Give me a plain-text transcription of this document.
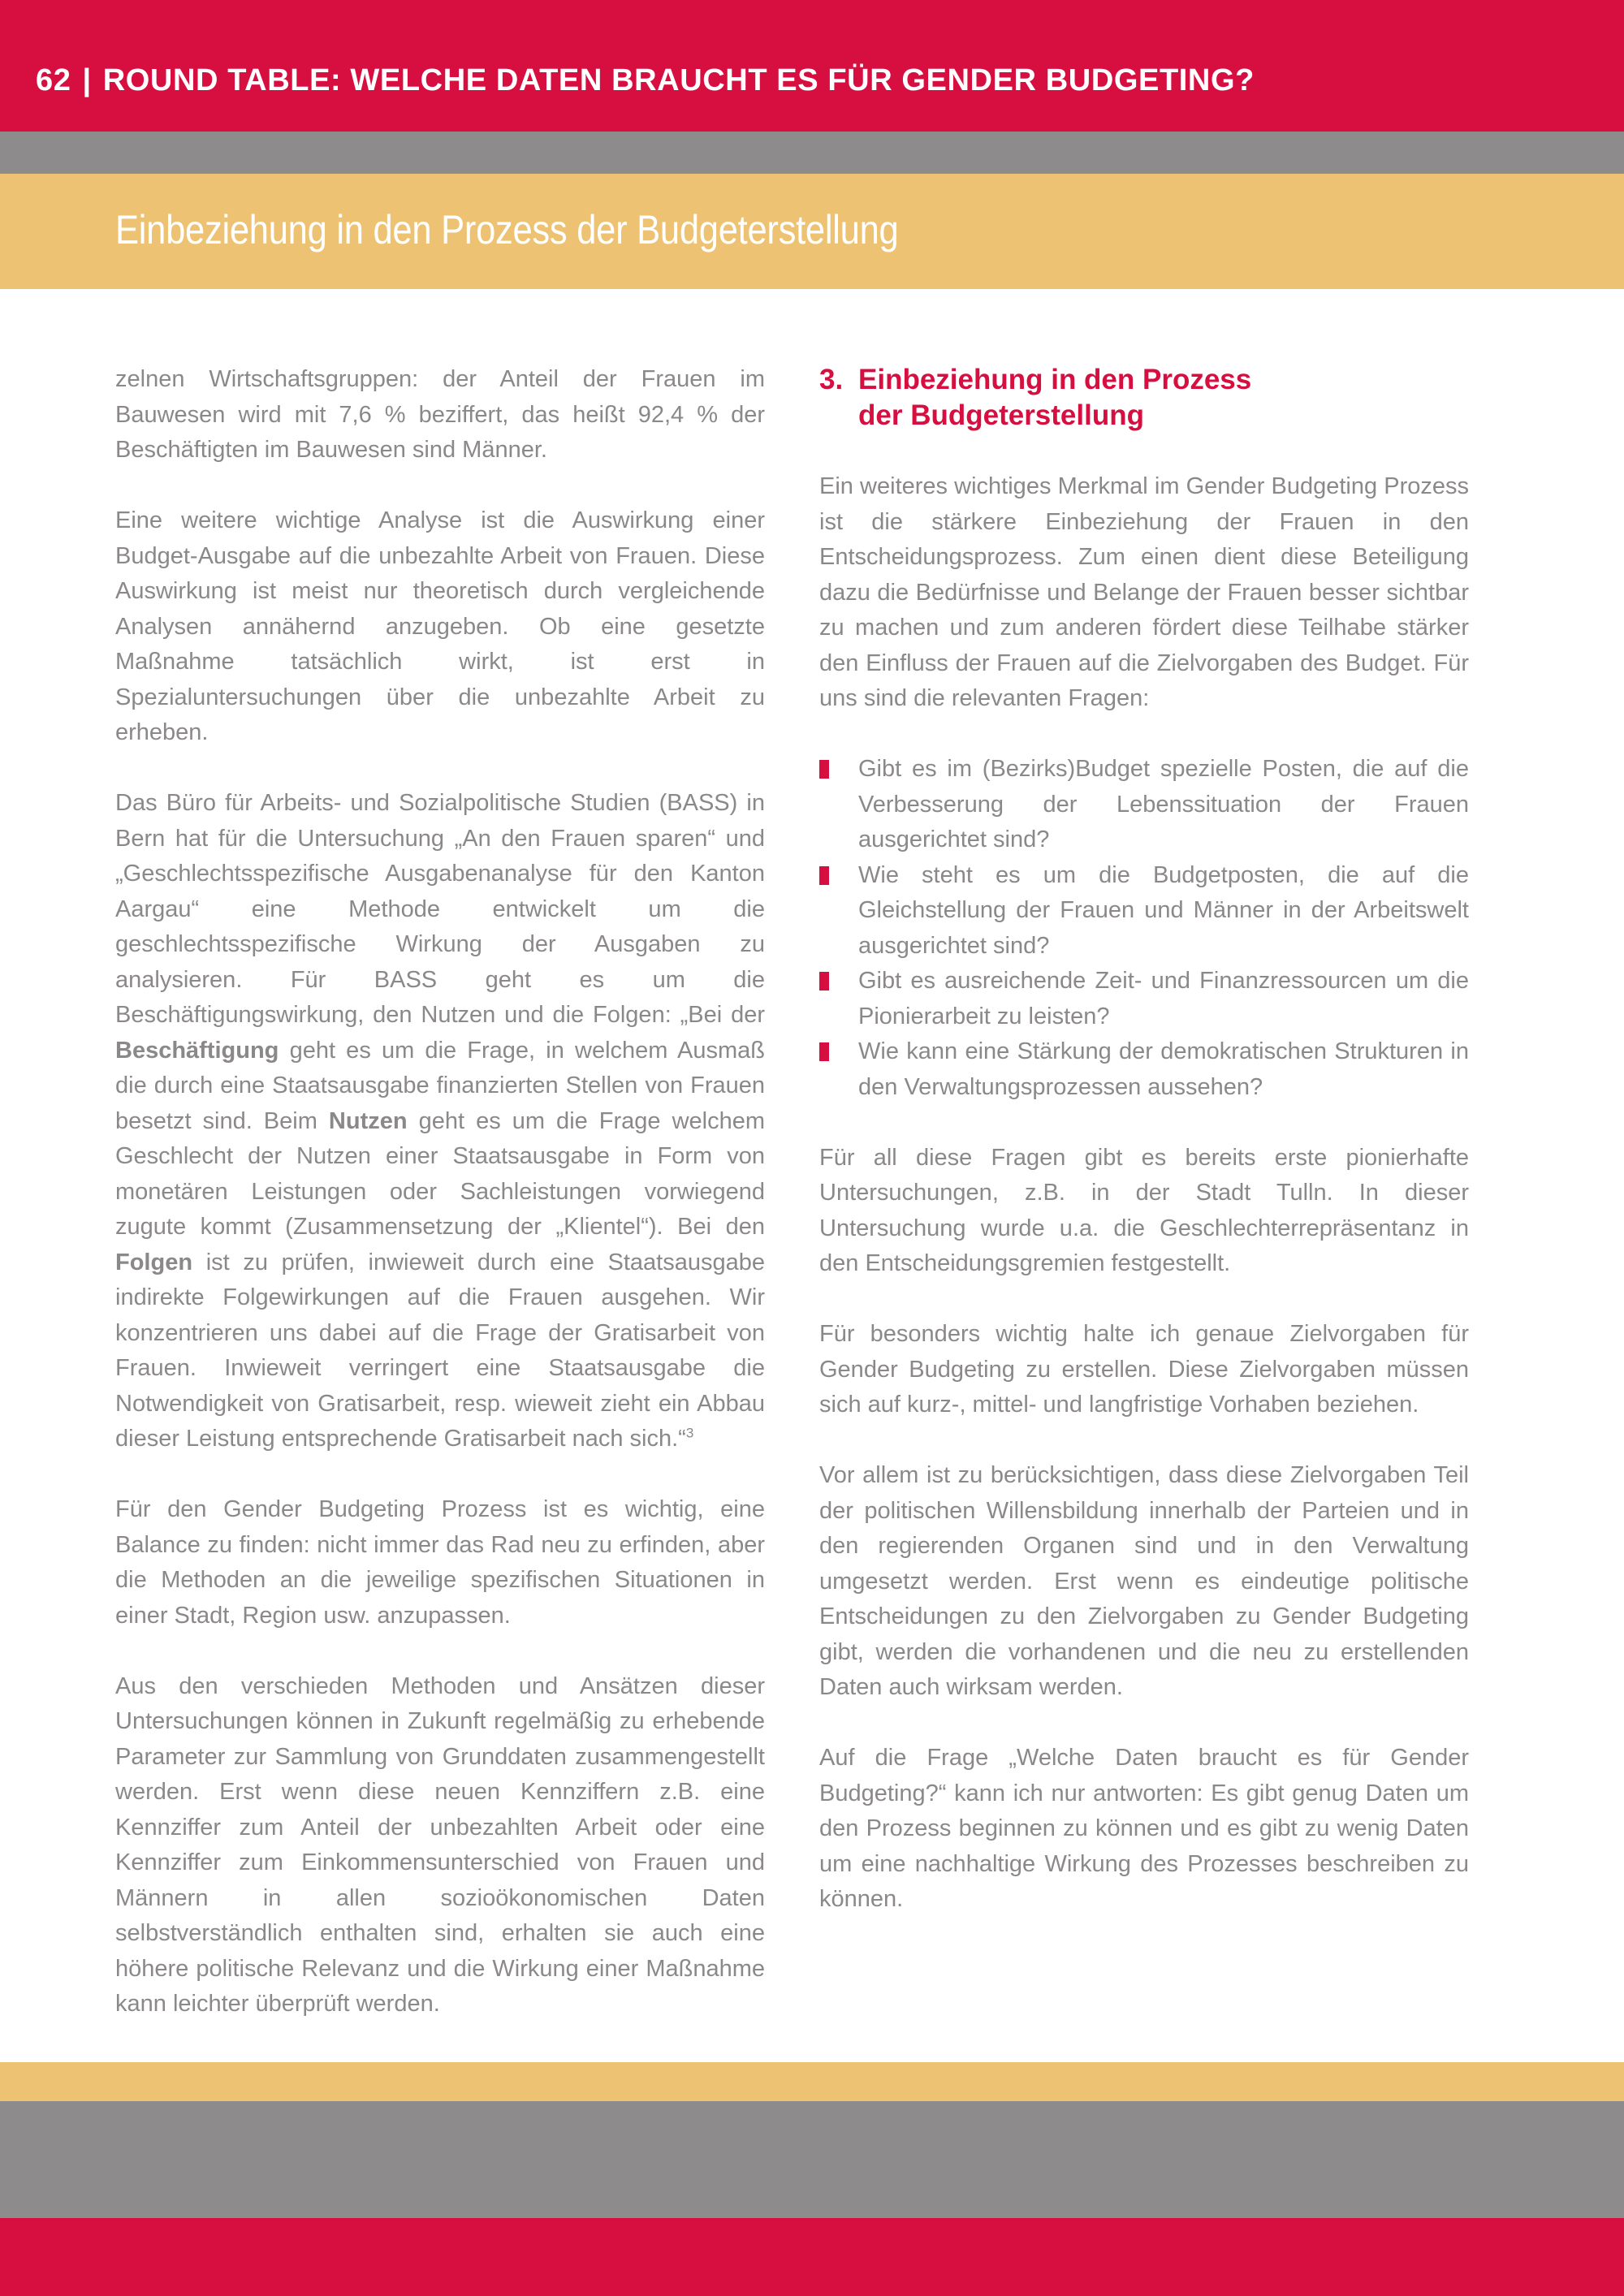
62 | ROUND TABLE: WELCHE DATEN BRAUCHT ES FÜR GENDER BUDGETING?
Einbeziehung in den Prozess der Budgeterstellung

zelnen Wirtschaftsgruppen: der Anteil der Frauen im Bauwesen wird mit 7,6 % beziffert, das heißt 92,4 % der Beschäftigten im Bauwesen sind Männer.

Eine weitere wichtige Analyse ist die Auswirkung einer Budget-Ausgabe auf die unbezahlte Arbeit von Frauen. Diese Auswirkung ist meist nur theoretisch durch vergleichende Analysen annähernd anzugeben. Ob eine gesetzte Maßnahme tatsächlich wirkt, ist erst in Spezialuntersuchungen über die unbezahlte Arbeit zu erheben.

Das Büro für Arbeits- und Sozialpolitische Studien (BASS) in Bern hat für die Untersuchung „An den Frauen sparen“ und „Geschlechtsspezifische Ausgabenanalyse für den Kanton Aargau“ eine Methode entwickelt um die geschlechtsspezifische Wirkung der Ausgaben zu analysieren. Für BASS geht es um die Beschäftigungswirkung, den Nutzen und die Folgen: „Bei der Beschäftigung geht es um die Frage, in welchem Ausmaß die durch eine Staatsausgabe finanzierten Stellen von Frauen besetzt sind. Beim Nutzen geht es um die Frage welchem Geschlecht der Nutzen einer Staatsausgabe in Form von monetären Leistungen oder Sachleistungen vorwiegend zugute kommt (Zusammensetzung der „Klientel“). Bei den Folgen ist zu prüfen, inwieweit durch eine Staatsausgabe indirekte Folgewirkungen auf die Frauen ausgehen. Wir konzentrieren uns dabei auf die Frage der Gratisarbeit von Frauen. Inwieweit verringert eine Staatsausgabe die Notwendigkeit von Gratisarbeit, resp. wieweit zieht ein Abbau dieser Leistung entsprechende Gratisarbeit nach sich.“$^3$

Für den Gender Budgeting Prozess ist es wichtig, eine Balance zu finden: nicht immer das Rad neu zu erfinden, aber die Methoden an die jeweilige spezifischen Situationen in einer Stadt, Region usw. anzupassen.

Aus den verschieden Methoden und Ansätzen dieser Untersuchungen können in Zukunft regelmäßig zu erhebende Parameter zur Sammlung von Grunddaten zusammengestellt werden. Erst wenn diese neuen Kennziffern z.B. eine Kennziffer zum Anteil der unbezahlten Arbeit oder eine Kennziffer zum Einkommensunterschied von Frauen und Männern in allen sozioökonomischen Daten selbstverständlich enthalten sind, erhalten sie auch eine höhere politische Relevanz und die Wirkung einer Maßnahme kann leichter überprüft werden.

3. Einbeziehung in den Prozess
der Budgeterstellung

Ein weiteres wichtiges Merkmal im Gender Budgeting Prozess ist die stärkere Einbeziehung der Frauen in den Entscheidungsprozess. Zum einen dient diese Beteiligung dazu die Bedürfnisse und Belange der Frauen besser sichtbar zu machen und zum anderen fördert diese Teilhabe stärker den Einfluss der Frauen auf die Zielvorgaben des Budget. Für uns sind die relevanten Fragen:

Gibt es im (Bezirks)Budget spezielle Posten, die auf die Verbesserung der Lebenssituation der Frauen ausgerichtet sind?
Wie steht es um die Budgetposten, die auf die Gleichstellung der Frauen und Männer in der Arbeitswelt ausgerichtet sind?
Gibt es ausreichende Zeit- und Finanzressourcen um die Pionierarbeit zu leisten?
Wie kann eine Stärkung der demokratischen Strukturen in den Verwaltungsprozessen aussehen?

Für all diese Fragen gibt es bereits erste pionierhafte Untersuchungen, z.B. in der Stadt Tulln. In dieser Untersuchung wurde u.a. die Geschlechterrepräsentanz in den Entscheidungsgremien festgestellt.

Für besonders wichtig halte ich genaue Zielvorgaben für Gender Budgeting zu erstellen. Diese Zielvorgaben müssen sich auf kurz-, mittel- und langfristige Vorhaben beziehen.

Vor allem ist zu berücksichtigen, dass diese Zielvorgaben Teil der politischen Willensbildung innerhalb der Parteien und in den regierenden Organen sind und in den Verwaltung umgesetzt werden. Erst wenn es eindeutige politische Entscheidungen zu den Zielvorgaben zu Gender Budgeting gibt, werden die vorhandenen und die neu zu erstellenden Daten auch wirksam werden.

Auf die Frage „Welche Daten braucht es für Gender Budgeting?“ kann ich nur antworten: Es gibt genug Daten um den Prozess beginnen zu können und es gibt zu wenig Daten um eine nachhaltige Wirkung des Prozesses beschreiben zu können.
